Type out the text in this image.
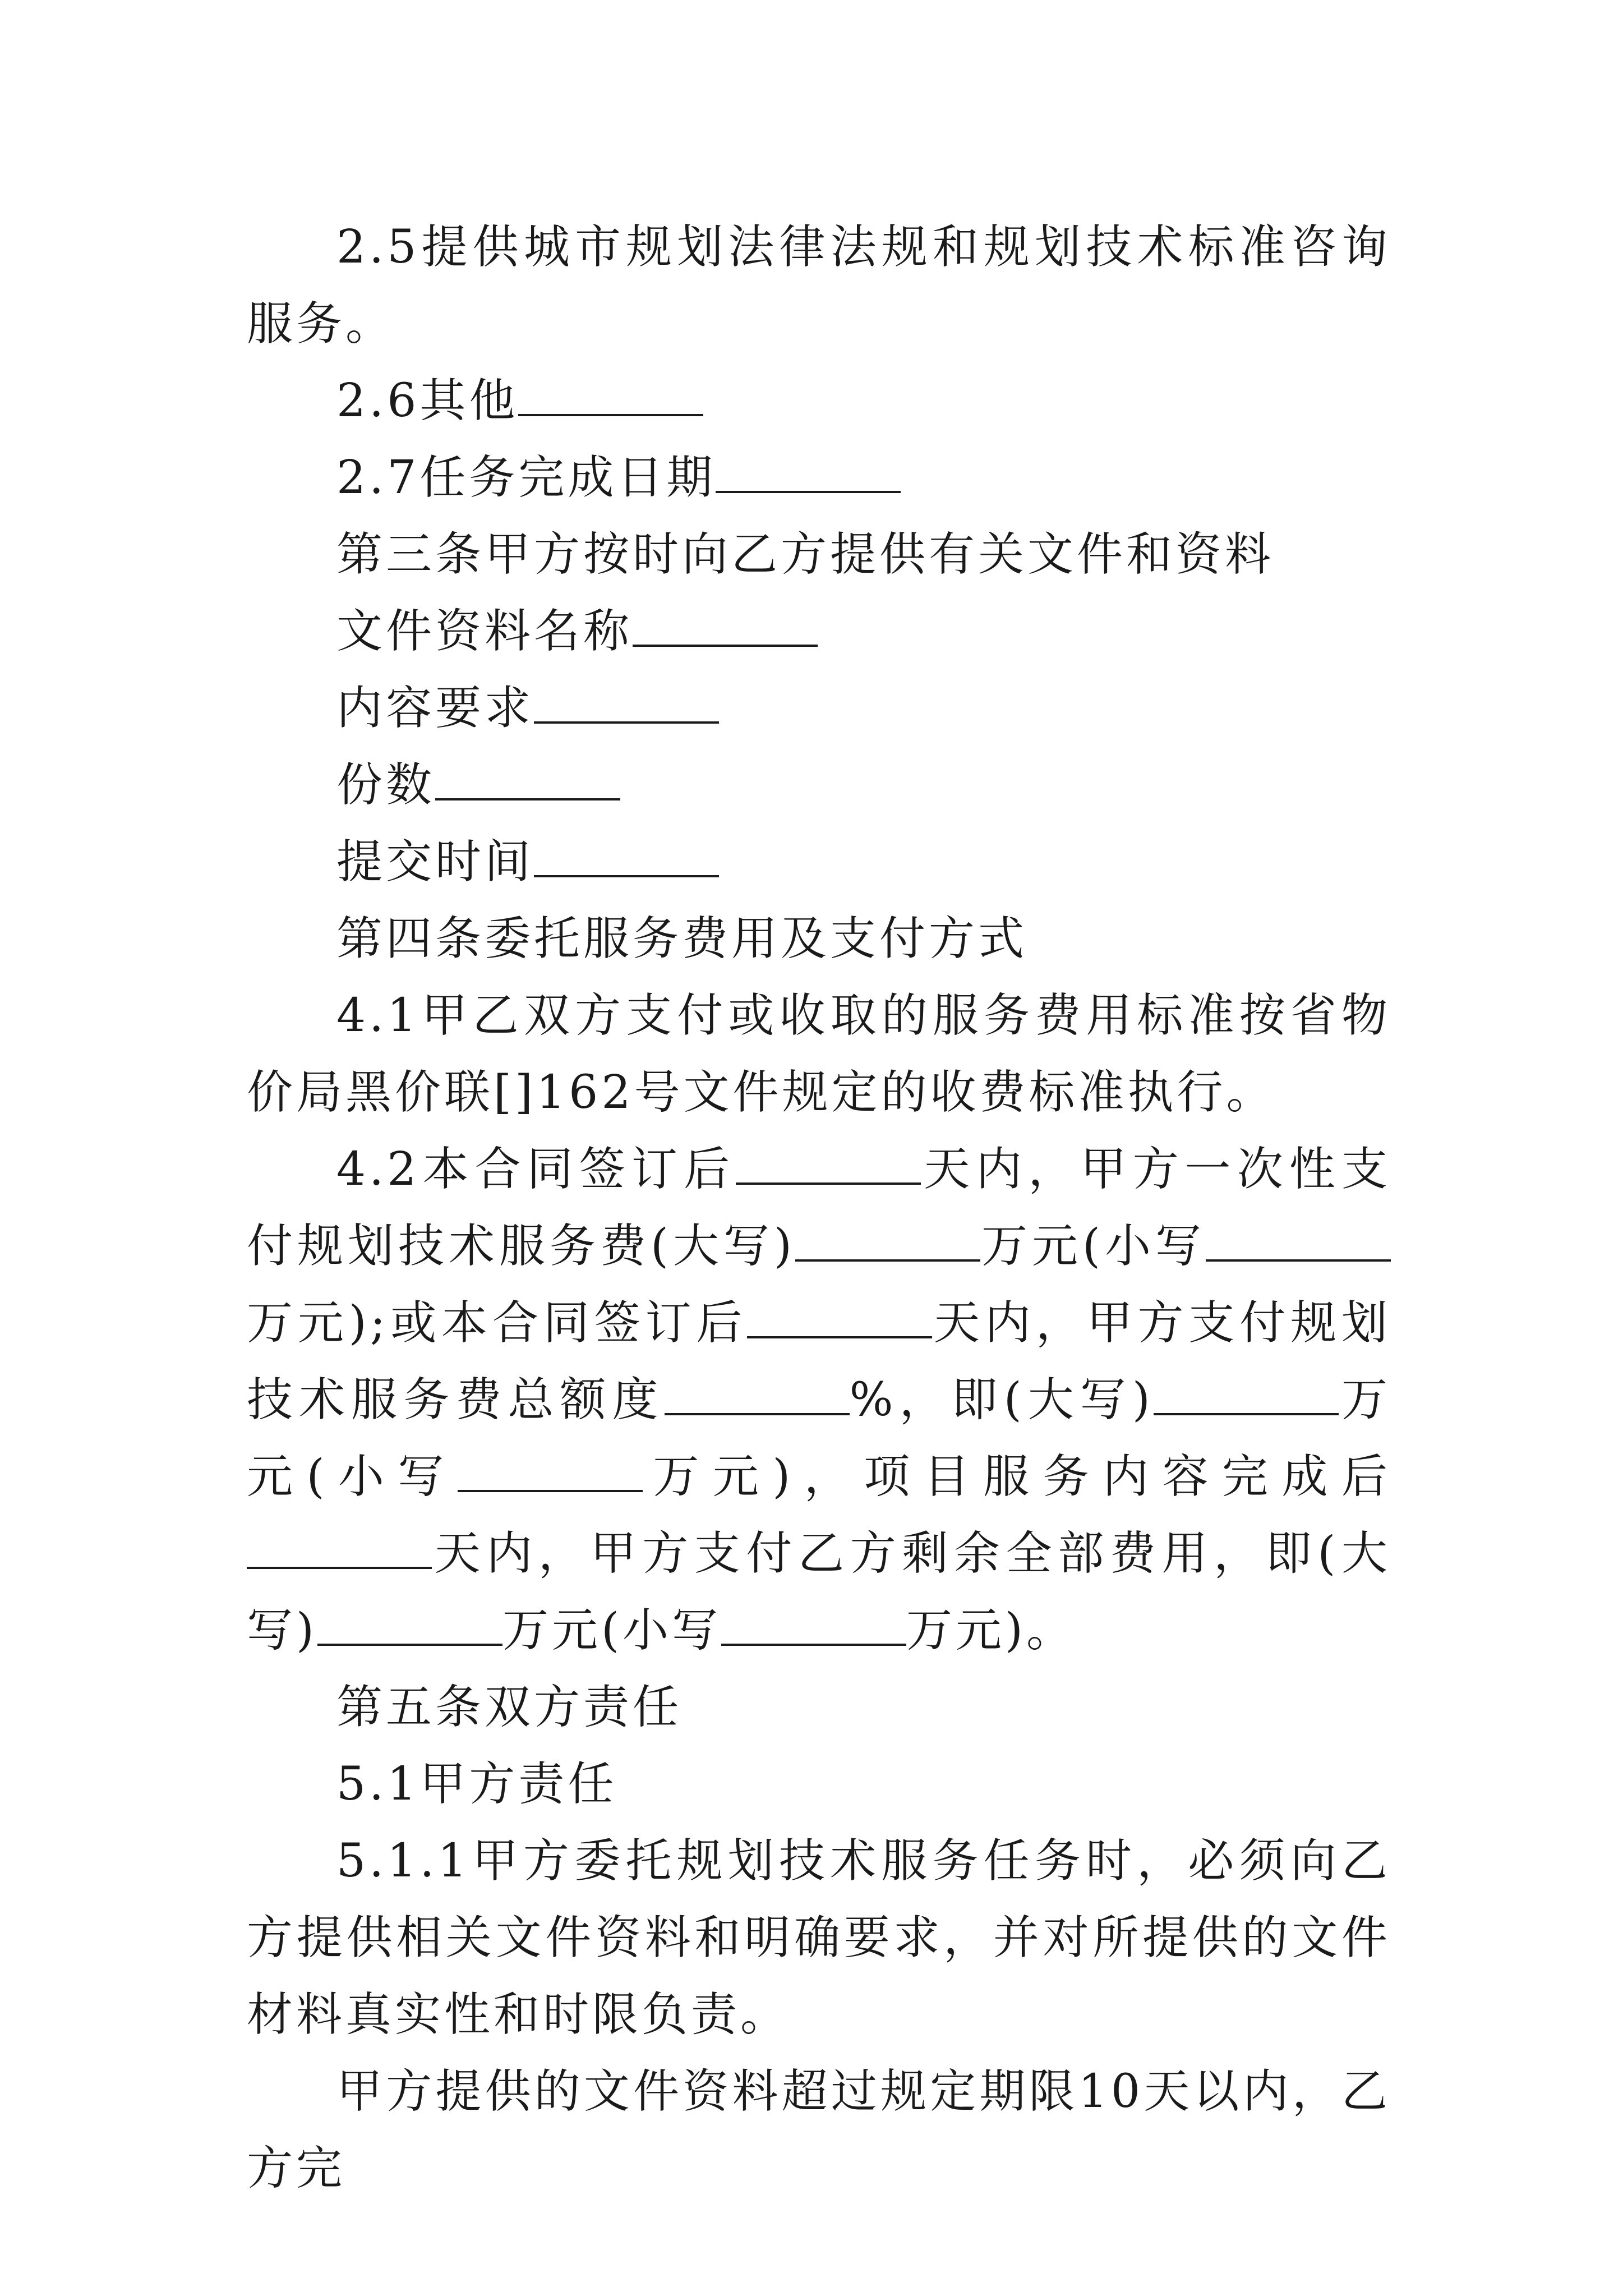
2.5提供城市规划法律法规和规划技术标准咨询服务。

2.6其他

2.7任务完成日期

第三条甲方按时向乙方提供有关文件和资料

文件资料名称

内容要求

份数

提交时间

第四条委托服务费用及支付方式

4.1甲乙双方支付或收取的服务费用标准按省物价局黑价联[]162号文件规定的收费标准执行。

4.2本合同签订后	天内，甲方一次性支付规划技术服务费(大写)	万元(小写万元);或本合同签订后	天内，甲方支付规划技术服务费总额度	%，即(大写)	万元(小写	万元)，项目服务内容完成后天内，甲方支付乙方剩余全部费用，即(大写)	万元(小写	万元)。

第五条双方责任

5.1甲方责任

5.1.1甲方委托规划技术服务任务时，必须向乙方提供相关文件资料和明确要求，并对所提供的文件材料真实性和时限负责。

甲方提供的文件资料超过规定期限10天以内，乙方完
